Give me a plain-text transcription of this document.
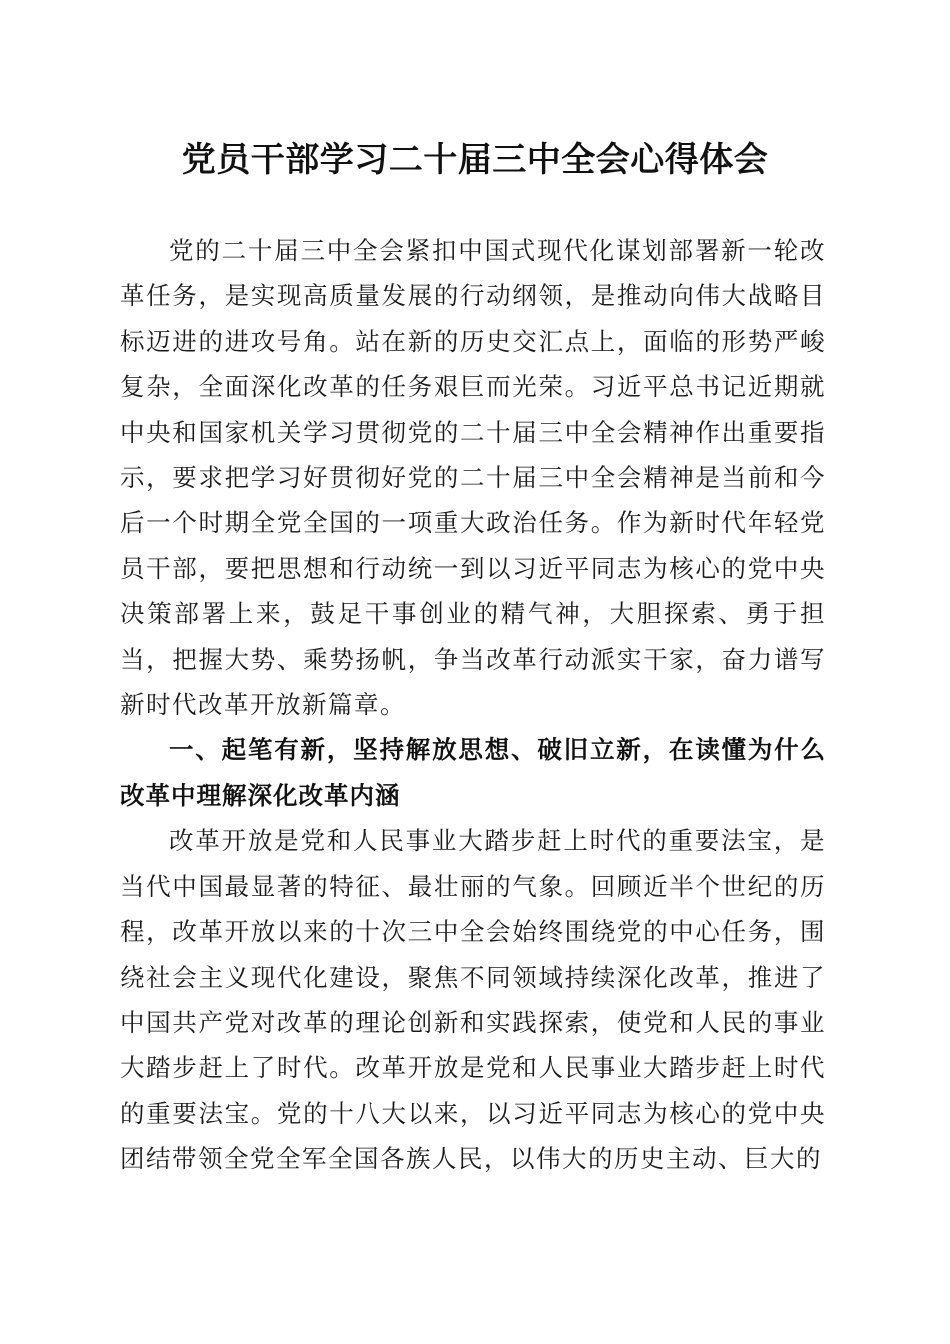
党员干部学习二十届三中全会心得体会

党的二十届三中全会紧扣中国式现代化谋划部署新一轮改革任务，是实现高质量发展的行动纲领，是推动向伟大战略目标迈进的进攻号角。站在新的历史交汇点上，面临的形势严峻复杂，全面深化改革的任务艰巨而光荣。习近平总书记近期就中央和国家机关学习贯彻党的二十届三中全会精神作出重要指示，要求把学习好贯彻好党的二十届三中全会精神是当前和今后一个时期全党全国的一项重大政治任务。作为新时代年轻党员干部，要把思想和行动统一到以习近平同志为核心的党中央决策部署上来，鼓足干事创业的精气神，大胆探索、勇于担当，把握大势、乘势扬帆，争当改革行动派实干家，奋力谱写新时代改革开放新篇章。

一、起笔有新，坚持解放思想、破旧立新，在读懂为什么改革中理解深化改革内涵

改革开放是党和人民事业大踏步赶上时代的重要法宝，是当代中国最显著的特征、最壮丽的气象。回顾近半个世纪的历程，改革开放以来的十次三中全会始终围绕党的中心任务，围绕社会主义现代化建设，聚焦不同领域持续深化改革，推进了中国共产党对改革的理论创新和实践探索，使党和人民的事业大踏步赶上了时代。改革开放是党和人民事业大踏步赶上时代的重要法宝。党的十八大以来，以习近平同志为核心的党中央团结带领全党全军全国各族人民，以伟大的历史主动、巨大的
